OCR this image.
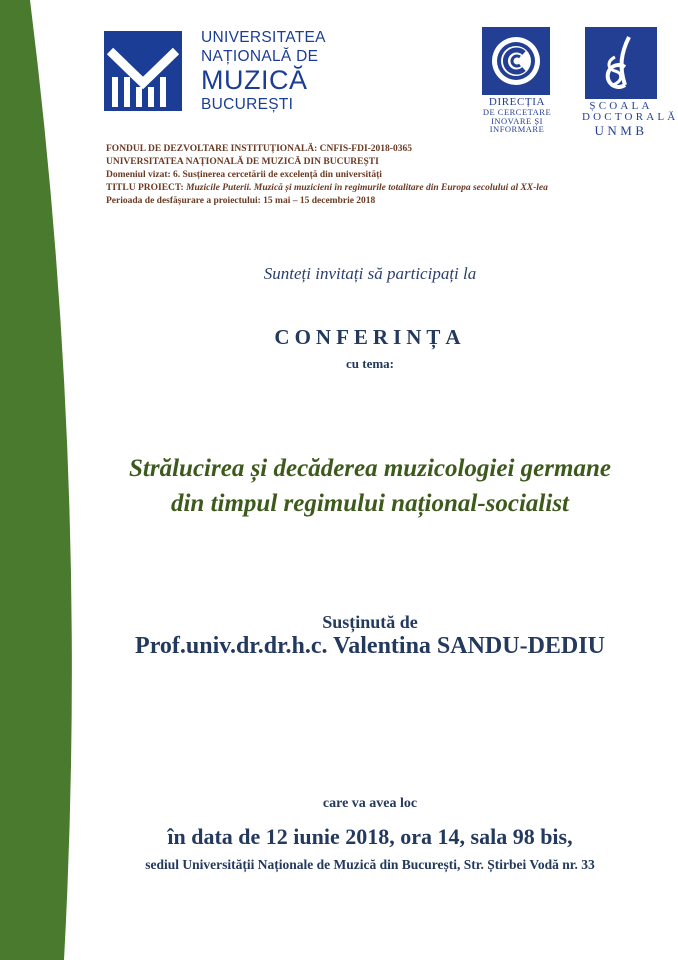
UNIVERSITATEA
NAȚIONALĂ DE
MUZICĂ
BUCUREȘTI	DIRECȚIA
DE CERCETARE
INOVARE ȘI
INFORMARE
ȘCOALA
DOCTORALĂ
UNMB
FONDUL DE DEZVOLTARE INSTITUȚIONALĂ: CNFIS-FDI-2018-0365
UNIVERSITATEA NAȚIONALĂ DE MUZICĂ DIN BUCUREȘTI
Domeniul vizat: 6. Susținerea cercetării de excelență din universități
TITLU PROIECT: Muzicile Puterii. Muzică și muzicieni în regimurile totalitare din Europa secolului al XX-lea
Perioada de desfășurare a proiectului: 15 mai – 15 decembrie 2018
Sunteți invitați să participați la
CONFERINȚA
cu tema:
Strălucirea și decăderea muzicologiei germane
din timpul regimului național-socialist
Susținută de
Prof.univ.dr.dr.h.c. Valentina SANDU-DEDIU
care va avea loc
în data de 12 iunie 2018, ora 14, sala 98 bis,
sediul Universității Naționale de Muzică din București, Str. Știrbei Vodă nr. 33
